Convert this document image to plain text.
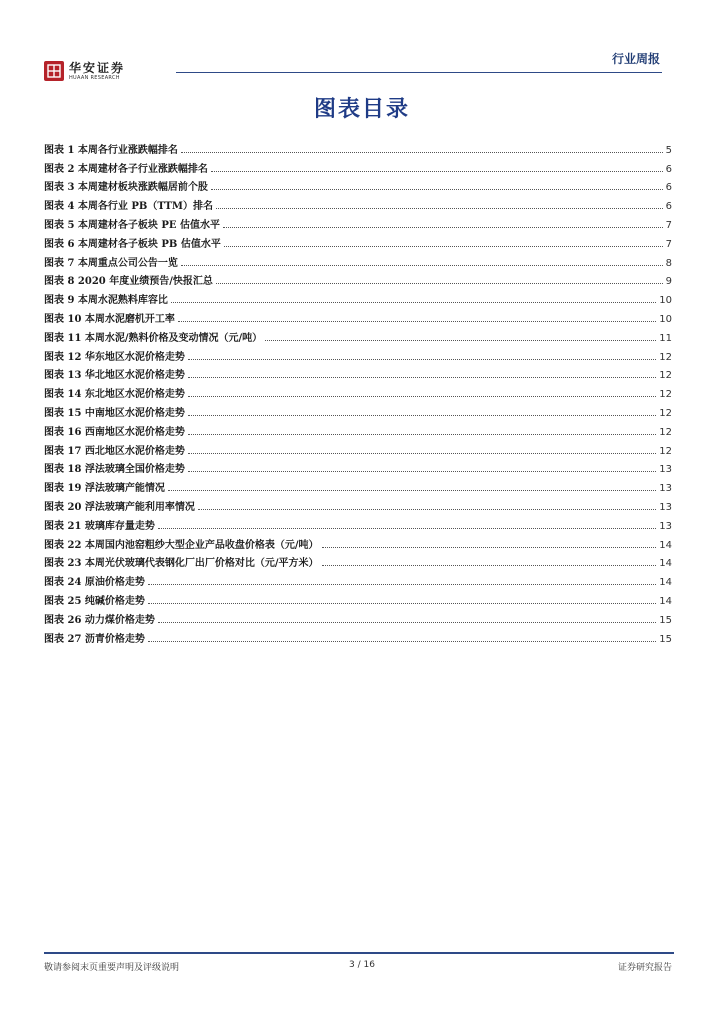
华安证券
HUAAN RESEARCH
行业周报
图表目录
图表 1 本周各行业涨跌幅排名	5
图表 2 本周建材各子行业涨跌幅排名	6
图表 3 本周建材板块涨跌幅居前个股	6
图表 4 本周各行业 PB（TTM）排名	6
图表 5 本周建材各子板块 PE 估值水平	7
图表 6 本周建材各子板块 PB 估值水平	7
图表 7 本周重点公司公告一览	8
图表 8 2020 年度业绩预告/快报汇总	9
图表 9 本周水泥熟料库容比	10
图表 10 本周水泥磨机开工率	10
图表 11 本周水泥/熟料价格及变动情况（元/吨）	11
图表 12 华东地区水泥价格走势	12
图表 13 华北地区水泥价格走势	12
图表 14 东北地区水泥价格走势	12
图表 15 中南地区水泥价格走势	12
图表 16 西南地区水泥价格走势	12
图表 17 西北地区水泥价格走势	12
图表 18 浮法玻璃全国价格走势	13
图表 19 浮法玻璃产能情况	13
图表 20 浮法玻璃产能利用率情况	13
图表 21 玻璃库存量走势	13
图表 22 本周国内池窑粗纱大型企业产品收盘价格表（元/吨）	14
图表 23 本周光伏玻璃代表钢化厂出厂价格对比（元/平方米）	14
图表 24 原油价格走势	14
图表 25 纯碱价格走势	14
图表 26 动力煤价格走势	15
图表 27 沥青价格走势	15
敬请参阅末页重要声明及评级说明	3 / 16	证券研究报告
